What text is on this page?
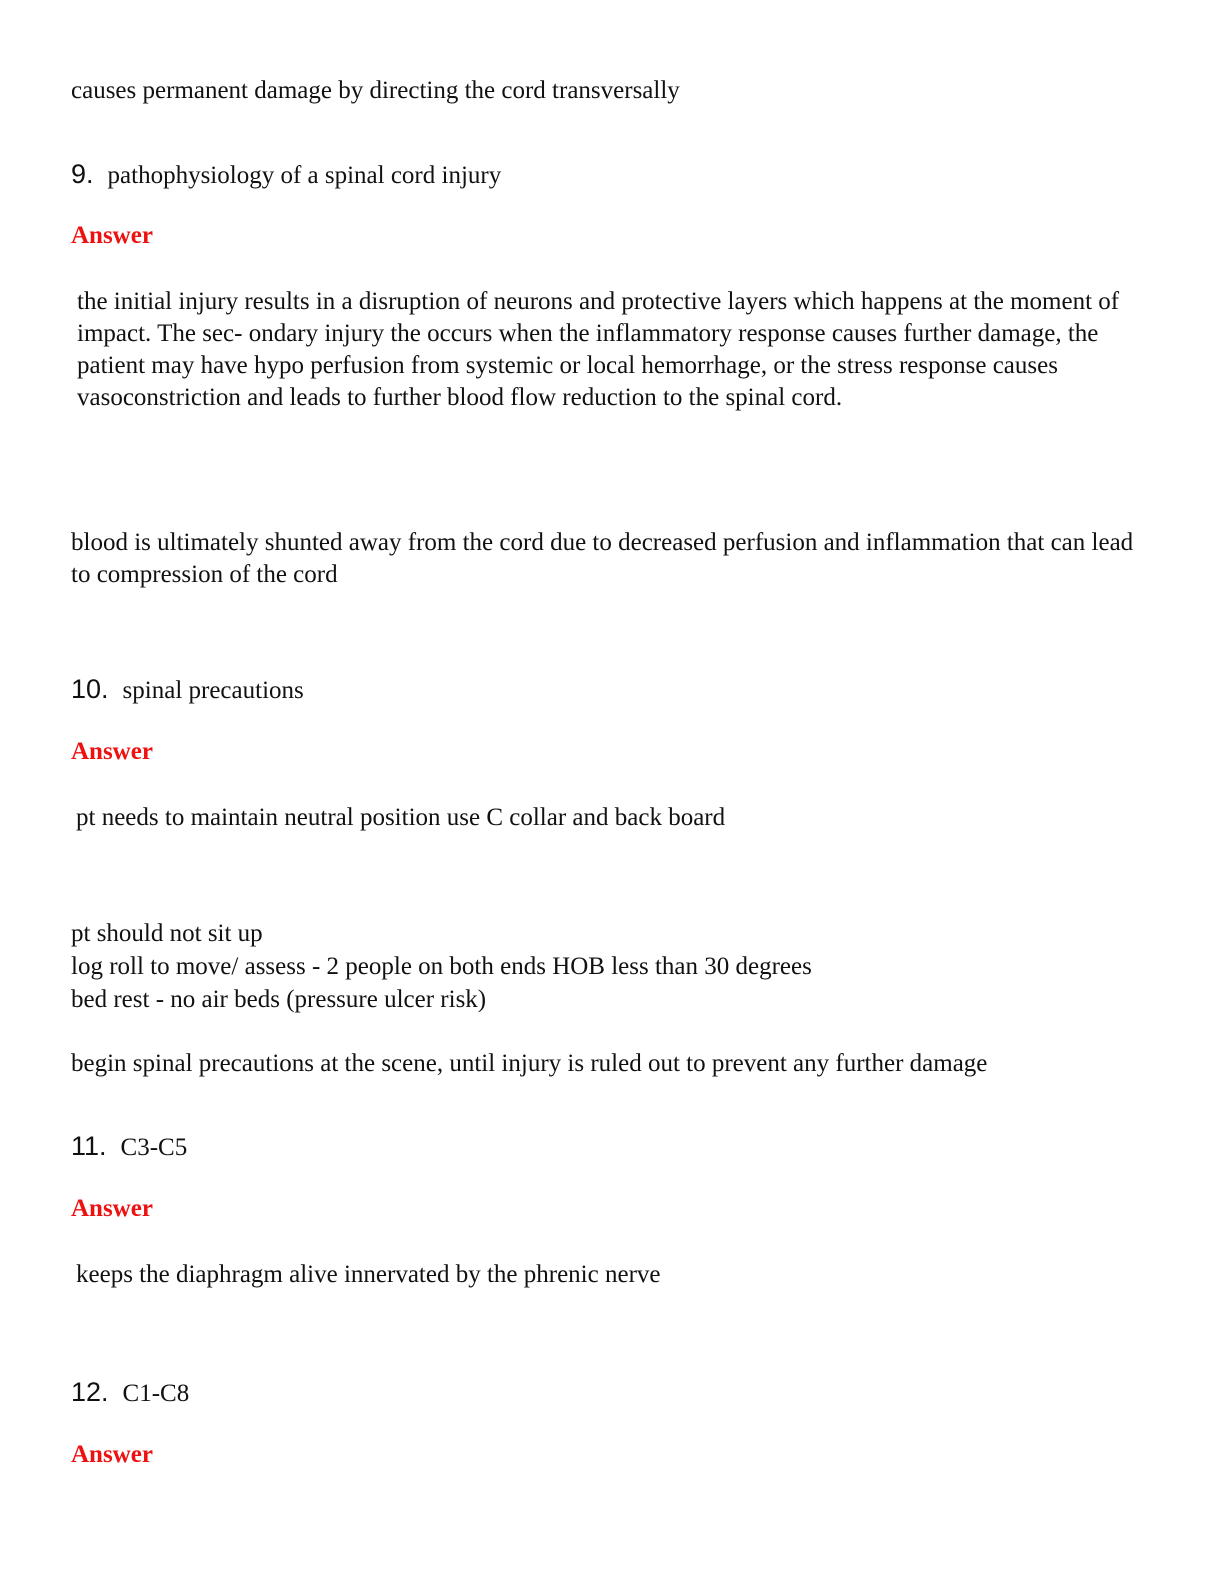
causes permanent damage by directing the cord transversally
9. pathophysiology of a spinal cord injury
Answer
the initial injury results in a disruption of neurons and protective layers which happens at the moment of impact. The sec- ondary injury the occurs when the inflammatory response causes further damage, the patient may have hypo perfusion from systemic or local hemorrhage, or the stress response causes vasoconstriction and leads to further blood flow reduction to the spinal cord.
blood is ultimately shunted away from the cord due to decreased perfusion and inflammation that can lead to compression of the cord
10. spinal precautions
Answer
pt needs to maintain neutral position use C collar and back board
pt should not sit up
log roll to move/ assess - 2 people on both ends HOB less than 30 degrees
bed rest - no air beds (pressure ulcer risk)
begin spinal precautions at the scene, until injury is ruled out to prevent any further damage
11. C3-C5
Answer
keeps the diaphragm alive innervated by the phrenic nerve
12. C1-C8
Answer
